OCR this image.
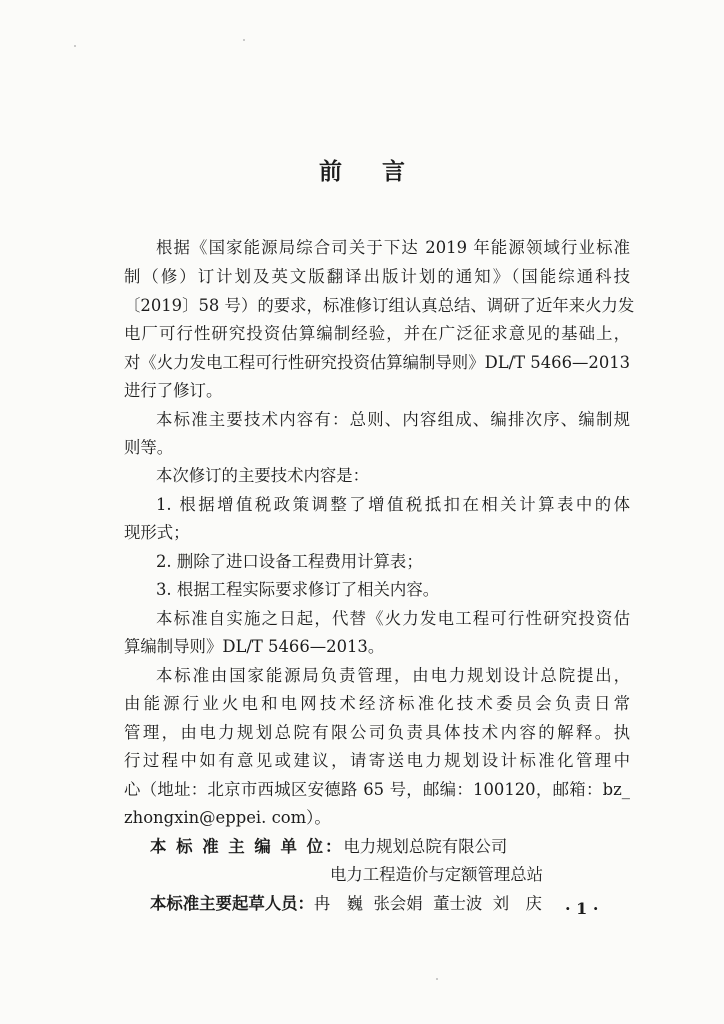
前 言
根据《国家能源局综合司关于下达 2019 年能源领域行业标准
制（修）订计划及英文版翻译出版计划的通知》（国能综通科技
〔2019〕58 号）的要求，标准修订组认真总结、调研了近年来火力发
电厂可行性研究投资估算编制经验，并在广泛征求意见的基础上，
对《火力发电工程可行性研究投资估算编制导则》DL/T 5466—2013
进行了修订。
本标准主要技术内容有：总则、内容组成、编排次序、编制规
则等。
本次修订的主要技术内容是：
1. 根据增值税政策调整了增值税抵扣在相关计算表中的体
现形式；
2. 删除了进口设备工程费用计算表；
3. 根据工程实际要求修订了相关内容。
本标准自实施之日起，代替《火力发电工程可行性研究投资估
算编制导则》DL/T 5466—2013。
本标准由国家能源局负责管理，由电力规划设计总院提出，
由能源行业火电和电网技术经济标准化技术委员会负责日常
管理，由电力规划总院有限公司负责具体技术内容的解释。执
行过程中如有意见或建议，请寄送电力规划设计标准化管理中
心（地址：北京市西城区安德路 65 号，邮编：100120，邮箱：bz_
zhongxin@eppei. com）。
本 标 准 主 编 单 位：电力规划总院有限公司
电力工程造价与定额管理总站
本标准主要起草人员：冉　巍 张会娟 董士波 刘　庆 · 1 ·
